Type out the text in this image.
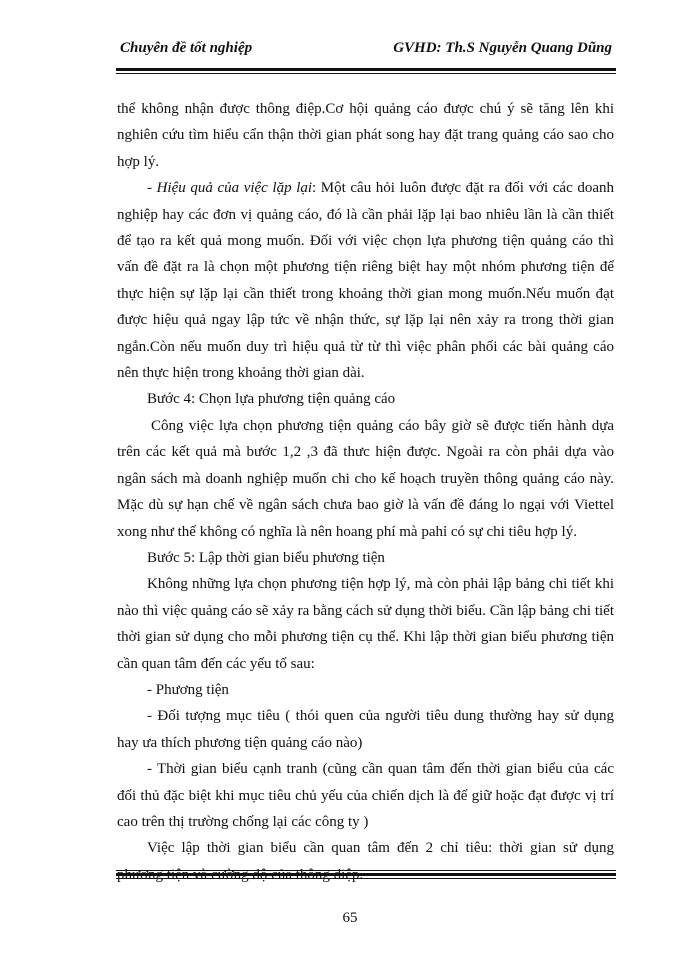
Chuyên đề tốt nghiệp	GVHD: Th.S Nguyễn Quang Dũng

thể không nhận được thông điệp.Cơ hội quảng cáo được chú ý sẽ tăng lên khi nghiên cứu tìm hiểu cẩn thận thời gian phát song hay đặt trang quảng cáo sao cho hợp lý.

- Hiệu quả của việc lặp lại: Một câu hỏi luôn được đặt ra đối với các doanh nghiệp hay các đơn vị quảng cáo, đó là cần phải lặp lại bao nhiêu lần là cần thiết để tạo ra kết quả mong muốn. Đối với việc chọn lựa phương tiện quảng cáo thì vấn đề đặt ra là chọn một phương tiện riêng biệt hay một nhóm phương tiện để thực hiện sự lặp lại cần thiết trong khoảng thời gian mong muốn.Nếu muốn đạt được hiệu quả ngay lập tức về nhận thức, sự lặp lại nên xảy ra trong thời gian ngắn.Còn nếu muốn duy trì hiệu quả từ từ thì việc phân phối các bài quảng cáo nên thực hiện trong khoảng thời gian dài.

Bước 4: Chọn lựa phương tiện quảng cáo

Công việc lựa chọn phương tiện quảng cáo bây giờ sẽ được tiến hành dựa trên các kết quả mà bước 1,2 ,3 đã thưc hiện được. Ngoài ra còn phải dựa vào ngân sách mà doanh nghiệp muốn chi cho kế hoạch truyền thông quảng cáo này. Mặc dù sự hạn chế về ngân sách chưa bao giờ là vấn đề đáng lo ngại với Viettel xong như thế không có nghĩa là nên hoang phí mà pahỉ có sự chi tiêu hợp lý.

Bước 5: Lập thời gian biểu phương tiện

Không những lựa chọn phương tiện hợp lý, mà còn phải lập bảng chi tiết khi nào thì việc quảng cáo sẽ xảy ra bằng cách sử dụng thời biểu. Cần lập bảng chi tiết thời gian sử dụng cho mỗi phương tiện cụ thể. Khi lập thời gian biểu phương tiện cần quan tâm đến các yếu tố sau:

- Phương tiện

- Đối tượng mục tiêu ( thói quen của người tiêu dung thường hay sử dụng hay ưa thích phương tiện quảng cáo nào)

- Thời gian biểu cạnh tranh (cũng cần quan tâm đến thời gian biểu của các đối thủ đặc biệt khi mục tiêu chủ yếu của chiến dịch là để giữ hoặc đạt được vị trí cao trên thị trường chống lại các công ty )

Việc lập thời gian biểu cần quan tâm đến 2 chỉ tiêu: thời gian sử dụng

65
